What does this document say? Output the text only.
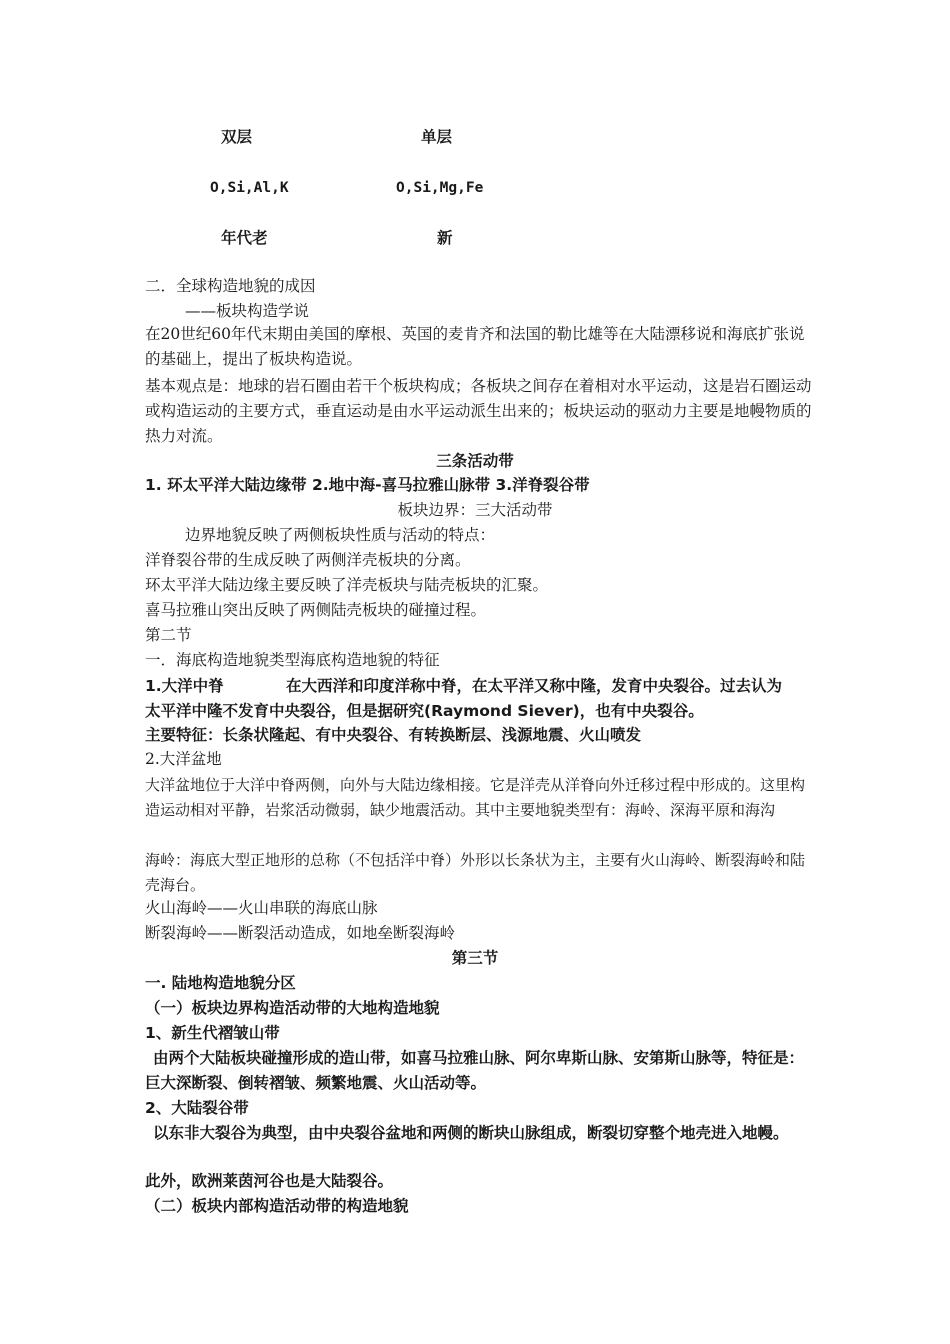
双层	单层
O,Si,Al,K	O,Si,Mg,Fe
年代老	新
二．全球构造地貌的成因
——板块构造学说
在20世纪60年代末期由美国的摩根、英国的麦肯齐和法国的勒比雄等在大陆漂移说和海底扩张说的基础上，提出了板块构造说。
基本观点是：地球的岩石圈由若干个板块构成；各板块之间存在着相对水平运动，这是岩石圈运动或构造运动的主要方式，垂直运动是由水平运动派生出来的；板块运动的驱动力主要是地幔物质的热力对流。
三条活动带
1. 环太平洋大陆边缘带 2.地中海-喜马拉雅山脉带 3.洋脊裂谷带
板块边界：三大活动带
边界地貌反映了两侧板块性质与活动的特点：
洋脊裂谷带的生成反映了两侧洋壳板块的分离。
环太平洋大陆边缘主要反映了洋壳板块与陆壳板块的汇聚。
喜马拉雅山突出反映了两侧陆壳板块的碰撞过程。
第二节
一．海底构造地貌类型海底构造地貌的特征
1.大洋中脊	在大西洋和印度洋称中脊，在太平洋又称中隆，发育中央裂谷。过去认为
太平洋中隆不发育中央裂谷，但是据研究(Raymond Siever)，也有中央裂谷。
主要特征：长条状隆起、有中央裂谷、有转换断层、浅源地震、火山喷发
2.大洋盆地
大洋盆地位于大洋中脊两侧，向外与大陆边缘相接。它是洋壳从洋脊向外迁移过程中形成的。这里构造运动相对平静，岩浆活动微弱，缺少地震活动。其中主要地貌类型有：海岭、深海平原和海沟
海岭：海底大型正地形的总称（不包括洋中脊）外形以长条状为主，主要有火山海岭、断裂海岭和陆壳海台。
火山海岭——火山串联的海底山脉
断裂海岭——断裂活动造成，如地垒断裂海岭
第三节
一. 陆地构造地貌分区
（一）板块边界构造活动带的大地构造地貌
1、新生代褶皱山带
由两个大陆板块碰撞形成的造山带，如喜马拉雅山脉、阿尔卑斯山脉、安第斯山脉等，特征是：巨大深断裂、倒转褶皱、频繁地震、火山活动等。
2、大陆裂谷带
以东非大裂谷为典型，由中央裂谷盆地和两侧的断块山脉组成，断裂切穿整个地壳进入地幔。
此外，欧洲莱茵河谷也是大陆裂谷。
（二）板块内部构造活动带的构造地貌
